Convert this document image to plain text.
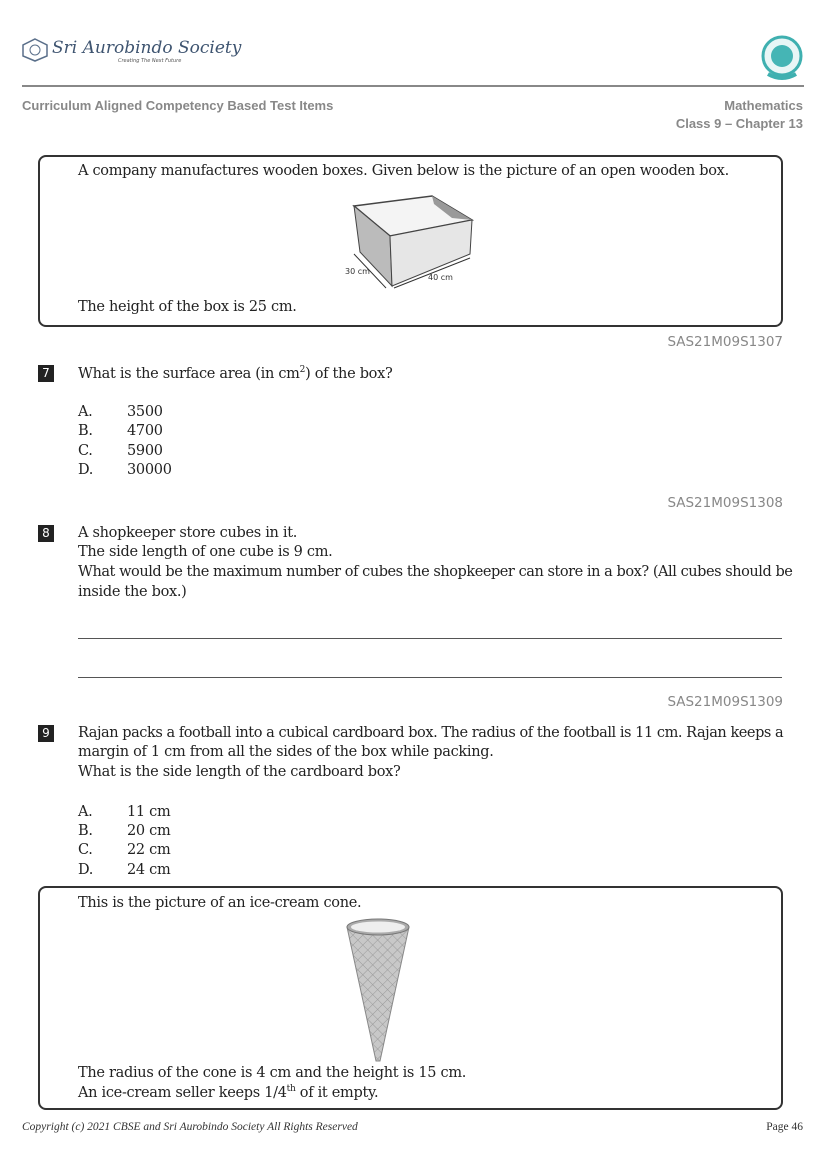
Sri Aurobindo Society
Creating The Next Future
Curriculum Aligned Competency Based Test Items	Mathematics
Class 9 – Chapter 13
A company manufactures wooden boxes. Given below is the picture of an open wooden box.
30 cm
40 cm
The height of the box is 25 cm.
SAS21M09S1307
7 What is the surface area (in $cm^2$) of the box?
A. 3500
B. 4700
C. 5900
D. 30000
SAS21M09S1308
8 A shopkeeper store cubes in it.
The side length of one cube is 9 cm.
What would be the maximum number of cubes the shopkeeper can store in a box? (All cubes should be
inside the box.)
SAS21M09S1309
9 Rajan packs a football into a cubical cardboard box. The radius of the football is 11 cm. Rajan keeps a
margin of 1 cm from all the sides of the box while packing.
What is the side length of the cardboard box?
A. 11 cm
B. 20 cm
C. 22 cm
D. 24 cm
This is the picture of an ice-cream cone.
The radius of the cone is 4 cm and the height is 15 cm.
An ice-cream seller keeps 1/4th of it empty.
Copyright (c) 2021 CBSE and Sri Aurobindo Society All Rights Reserved	Page 46
